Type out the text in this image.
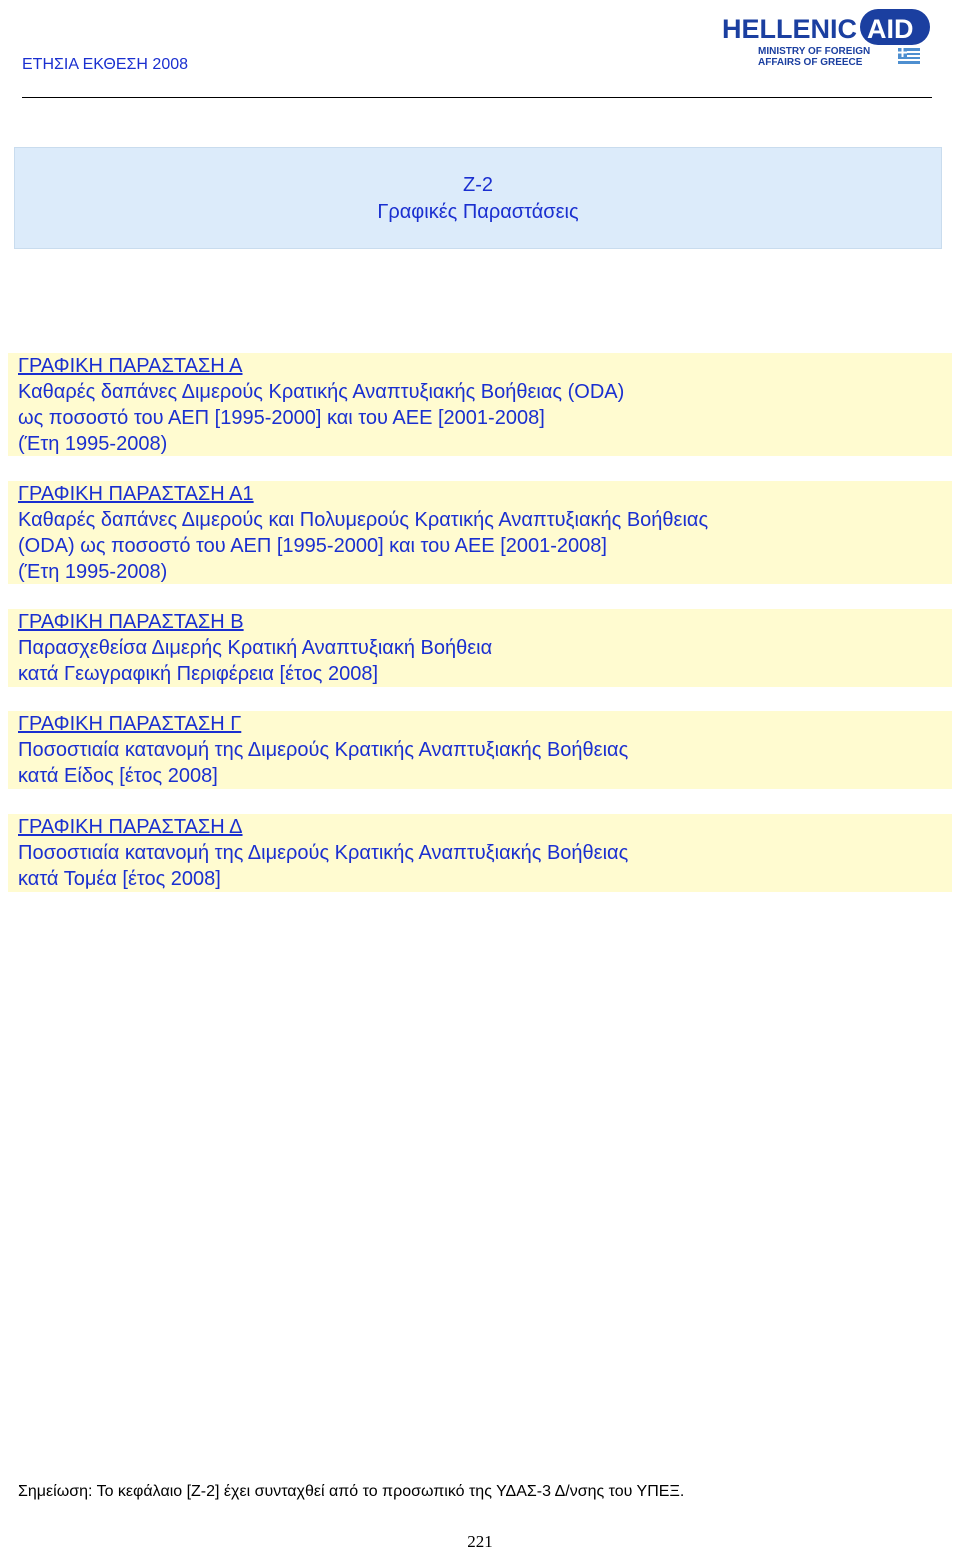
ΕΤΗΣΙΑ ΕΚΘΕΣΗ 2008
HELLENIC AID
MINISTRY OF FOREIGN
AFFAIRS OF GREECE
Ζ-2
Γραφικές Παραστάσεις
ΓΡΑΦΙΚΗ ΠΑΡΑΣΤΑΣΗ Α
Καθαρές δαπάνες Διμερούς Κρατικής Αναπτυξιακής Βοήθειας (ODA)
ως ποσοστό του ΑΕΠ [1995-2000] και του ΑΕΕ [2001-2008]
(Έτη 1995-2008)
ΓΡΑΦΙΚΗ ΠΑΡΑΣΤΑΣΗ Α1
Καθαρές δαπάνες Διμερούς και Πολυμερούς Κρατικής Αναπτυξιακής Βοήθειας
(ODA) ως ποσοστό του ΑΕΠ [1995-2000] και του ΑΕΕ [2001-2008]
(Έτη 1995-2008)
ΓΡΑΦΙΚΗ ΠΑΡΑΣΤΑΣΗ Β
Παρασχεθείσα Διμερής Κρατική Αναπτυξιακή Βοήθεια
κατά Γεωγραφική Περιφέρεια [έτος 2008]
ΓΡΑΦΙΚΗ ΠΑΡΑΣΤΑΣΗ Γ
Ποσοστιαία κατανομή της Διμερούς Κρατικής Αναπτυξιακής Βοήθειας
κατά Είδος [έτος 2008]
ΓΡΑΦΙΚΗ ΠΑΡΑΣΤΑΣΗ Δ
Ποσοστιαία κατανομή της Διμερούς Κρατικής Αναπτυξιακής Βοήθειας
κατά Τομέα [έτος 2008]
Σημείωση: Το κεφάλαιο [Ζ-2] έχει συνταχθεί από το προσωπικό της ΥΔΑΣ-3 Δ/νσης του ΥΠΕΞ.
221
